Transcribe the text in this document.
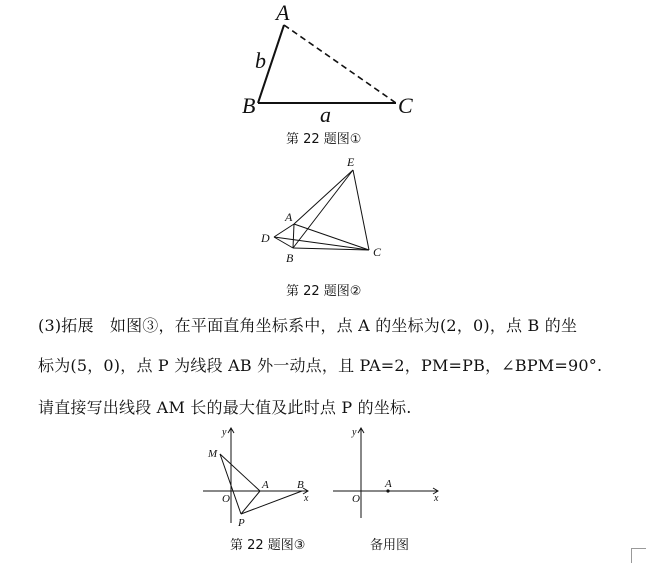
A
B	C
a
b
第 22 题图①
E
A
D
B	C
第 22 题图②
(3)拓展　如图③，在平面直角坐标系中，点 A 的坐标为(2，0)，点 B 的坐
标为(5，0)，点 P 为线段 AB 外一动点，且 PA=2，PM=PB，∠BPM=90°.
请直接写出线段 AM 长的最大值及此时点 P 的坐标.
y
x
M
O
A	B
P
第 22 题图③
y
x
O
A
备用图
